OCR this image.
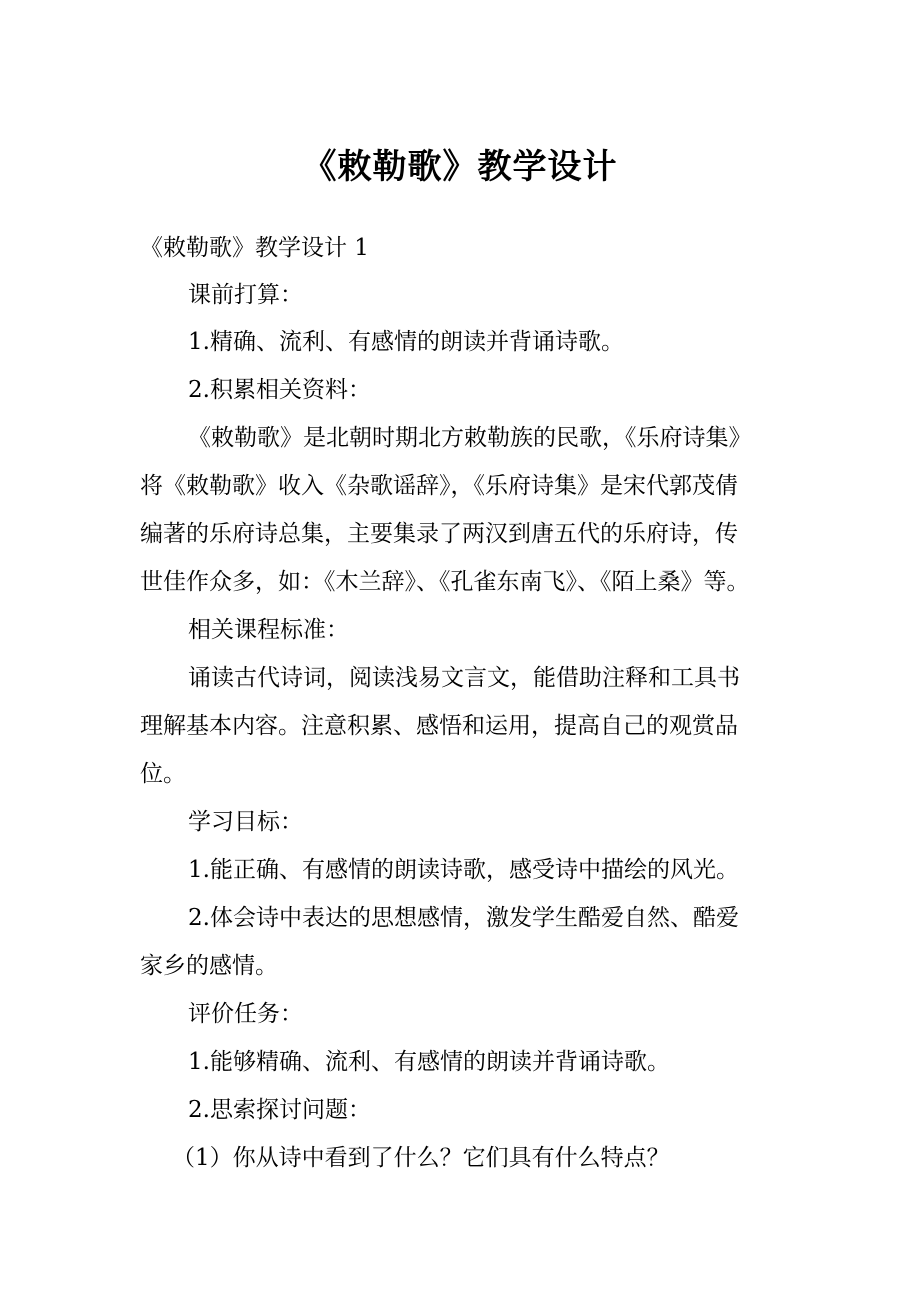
《敕勒歌》教学设计
《敕勒歌》教学设计 1
课前打算：
1.精确、流利、有感情的朗读并背诵诗歌。
2.积累相关资料：
《敕勒歌》是北朝时期北方敕勒族的民歌，《乐府诗集》
将《敕勒歌》收入《杂歌谣辞》，《乐府诗集》是宋代郭茂倩
编著的乐府诗总集，主要集录了两汉到唐五代的乐府诗，传
世佳作众多，如：《木兰辞》、《孔雀东南飞》、《陌上桑》等。
相关课程标准：
诵读古代诗词，阅读浅易文言文，能借助注释和工具书
理解基本内容。注意积累、感悟和运用，提高自己的观赏品
位。
学习目标：
1.能正确、有感情的朗读诗歌，感受诗中描绘的风光。
2.体会诗中表达的思想感情，激发学生酷爱自然、酷爱
家乡的感情。
评价任务：
1.能够精确、流利、有感情的朗读并背诵诗歌。
2.思索探讨问题：
（1）你从诗中看到了什么？它们具有什么特点？
